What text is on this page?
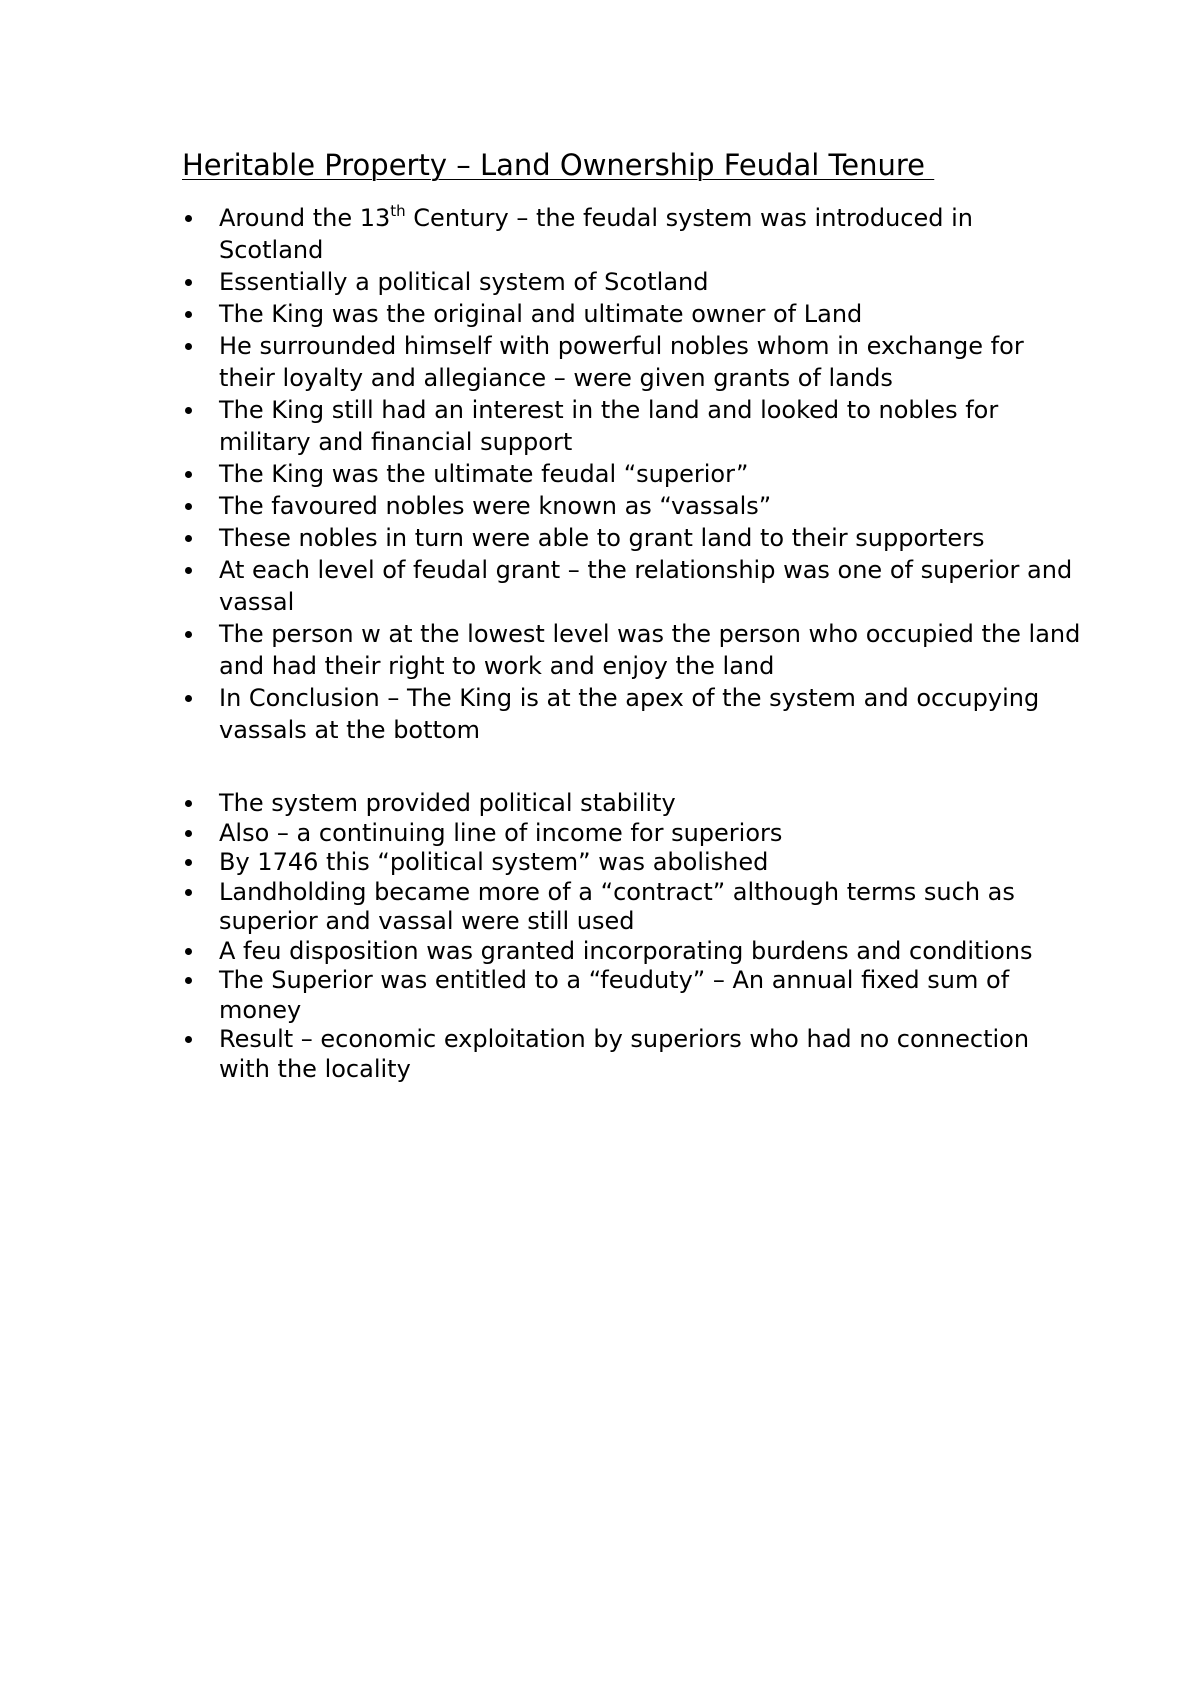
Heritable Property – Land Ownership Feudal Tenure
Around the 13th Century – the feudal system was introduced in Scotland
Essentially a political system of Scotland
The King was the original and ultimate owner of Land
He surrounded himself with powerful nobles whom in exchange for their loyalty and allegiance – were given grants of lands
The King still had an interest in the land and looked to nobles for military and financial support
The King was the ultimate feudal “superior”
The favoured nobles were known as “vassals”
These nobles in turn were able to grant land to their supporters
At each level of feudal grant – the relationship was one of superior and vassal
The person w at the lowest level was the person who occupied the land and had their right to work and enjoy the land
In Conclusion – The King is at the apex of the system and occupying vassals at the bottom
The system provided political stability
Also – a continuing line of income for superiors
By 1746 this “political system” was abolished
Landholding became more of a “contract” although terms such as superior and vassal were still used
A feu disposition was granted incorporating burdens and conditions
The Superior was entitled to a “feuduty” – An annual fixed sum of money
Result – economic exploitation by superiors who had no connection with the locality
